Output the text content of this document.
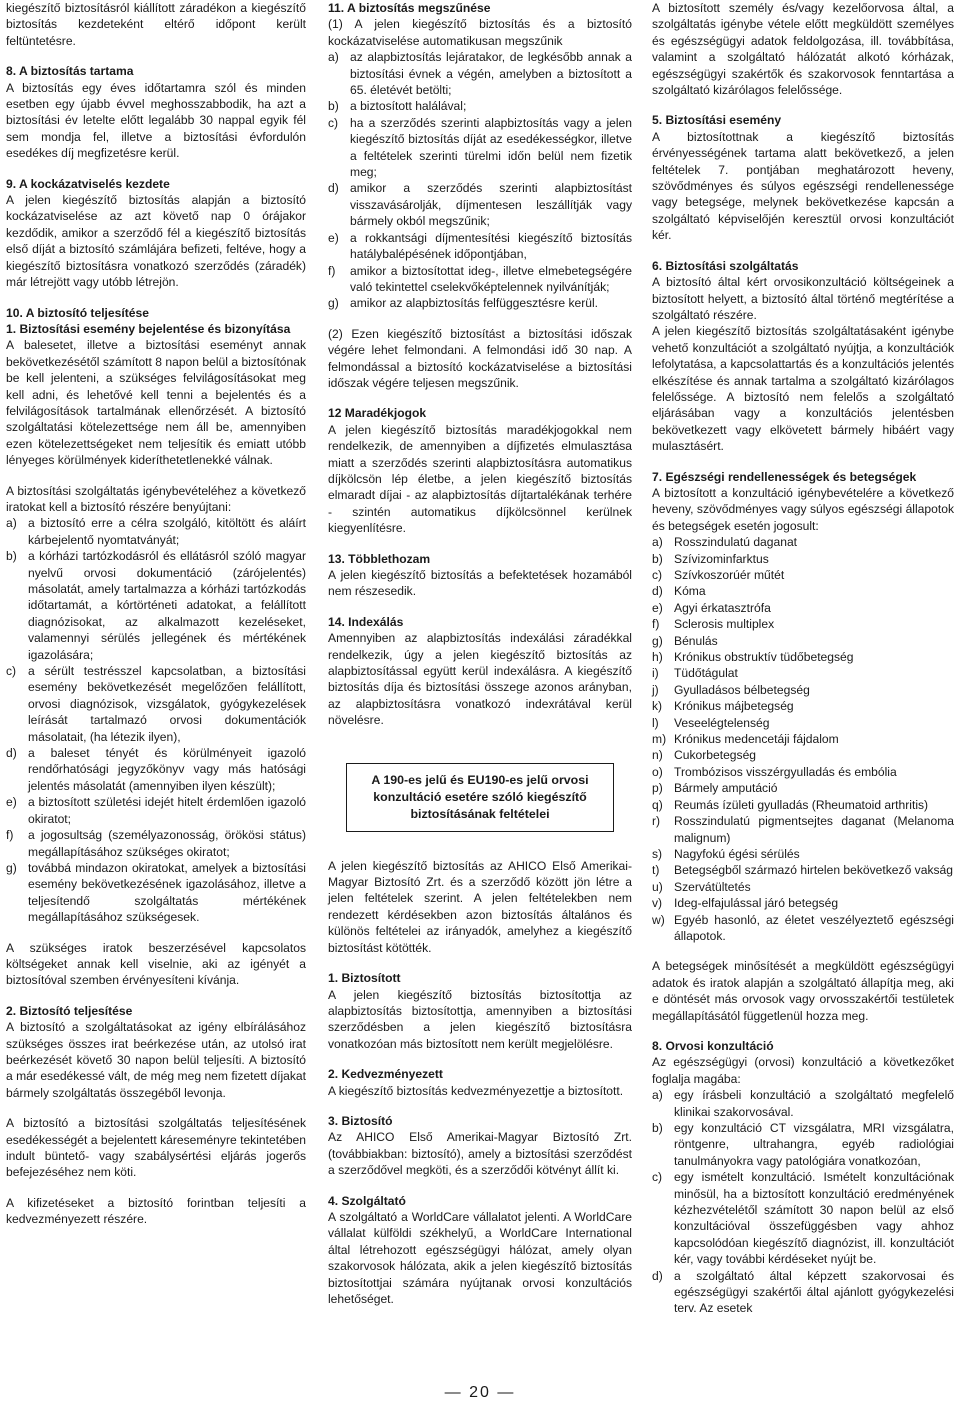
kiegészítő biztosításról kiállított záradékon a kiegészítő biztosítás kezdeteként eltérő időpont került feltüntetésre.

8. A biztosítás tartama

A biztosítás egy éves időtartamra szól és minden esetben egy újabb évvel meghosszabbodik, ha azt a biztosítási év letelte előtt legalább 30 nappal egyik fél sem mondja fel, illetve a biztosítási évfordulón esedékes díj megfizetésre kerül.

9. A kockázatviselés kezdete

A jelen kiegészítő biztosítás alapján a biztosító kockázatviselése az azt követő nap 0 órájakor kezdődik, amikor a szerződő fél a kiegészítő biztosítás első díját a biztosító számlájára befizeti, feltéve, hogy a kiegészítő biztosításra vonatkozó szerződés (záradék) már létrejött vagy utóbb létrejön.

10. A biztosító teljesítése
1. Biztosítási esemény bejelentése és bizonyítása

A balesetet, illetve a biztosítási eseményt annak bekövetkezésétől számított 8 napon belül a biztosítónak be kell jelenteni, a szükséges felvilágosításokat meg kell adni, és lehetővé kell tenni a bejelentés és a felvilágosítások tartalmának ellenőrzését. A biztosító szolgáltatási kötelezettsége nem áll be, amennyiben ezen kötelezettségeket nem teljesítik és emiatt utóbb lényeges körülmények kideríthetetlenekké válnak.

A biztosítási szolgáltatás igénybevételéhez a következő iratokat kell a biztosító részére benyújtani:

a) a biztosító erre a célra szolgáló, kitöltött és aláírt kárbejelentő nyomtatványát;
b) a kórházi tartózkodásról és ellátásról szóló magyar nyelvű orvosi dokumentáció (zárójelentés) másolatát, amely tartalmazza a kórházi tartózkodás időtartamát, a kórtörténeti adatokat, a felállított diagnózisokat, az alkalmazott kezeléseket, valamennyi sérülés jellegének és mértékének igazolására;
c) a sérült testrésszel kapcsolatban, a biztosítási esemény bekövetkezését megelőzően felállított, orvosi diagnózisok, vizsgálatok, gyógykezelések leírását tartalmazó orvosi dokumentációk másolatait, (ha létezik ilyen),
d) a baleset tényét és körülményeit igazoló rendőrhatósági jegyzőkönyv vagy más hatósági jelentés másolatát (amennyiben ilyen készült);
e) a biztosított születési idejét hitelt érdemlően igazoló okiratot;
f)	a jogosultság (személyazonosság, örökösi státus) megállapításához szükséges okiratot;
g) továbbá mindazon okiratokat, amelyek a biztosítási esemény bekövetkezésének igazolásához, illetve a teljesítendő szolgáltatás mértékének megállapításához szükségesek.

A szükséges iratok beszerzésével kapcsolatos költségeket annak kell viselnie, aki az igényét a biztosítóval szemben érvényesíteni kívánja.

2. Biztosító teljesítése

A biztosító a szolgáltatásokat az igény elbírálásához szükséges összes irat beérkezése után, az utolsó irat beérkezését követő 30 napon belül teljesíti. A biztosító a már esedékessé vált, de még meg nem fizetett díjakat bármely szolgáltatás összegéből levonja.

A biztosító a biztosítási szolgáltatás teljesítésének esedékességét a bejelentett káreseményre tekintetében indult büntető- vagy szabálysértési eljárás jogerős befejezéséhez nem köti.

A kifizetéseket a biztosító forintban teljesíti a kedvezményezett részére.

11. A biztosítás megszűnése

(1) A jelen kiegészítő biztosítás és a biztosító kockázatviselése automatikusan megszűnik

a) az alapbiztosítás lejáratakor, de legkésőbb annak a biztosítási évnek a végén, amelyben a biztosított a 65. életévét betölti;
b) a biztosított halálával;
c) ha a szerződés szerinti alapbiztosítás vagy a jelen kiegészítő biztosítás díját az esedékességkor, illetve a feltételek szerinti türelmi időn belül nem fizetik meg;
d) amikor a szerződés szerinti alapbiztosítást visszavásárolják, díjmentesen leszállítják vagy bármely okból megszűnik;
e) a rokkantsági díjmentesítési kiegészítő biztosítás hatálybalépésének időpontjában,
f)	amikor a biztosítottat ideg-, illetve elmebetegségére való tekintettel cselekvőképtelennek nyilvánítják;
g) amikor az alapbiztosítás felfüggesztésre kerül.

(2) Ezen kiegészítő biztosítást a biztosítási időszak végére lehet felmondani. A felmondási idő 30 nap. A felmondással a biztosító kockázatviselése a biztosítási időszak végére teljesen megszűnik.

12 Maradékjogok

A jelen kiegészítő biztosítás maradékjogokkal nem rendelkezik, de amennyiben a díjfizetés elmulasztása miatt a szerződés szerinti alapbiztosításra automatikus díjkölcsön lép életbe, a jelen kiegészítő biztosítás elmaradt díjai - az alapbiztosítás díjtartalékának terhére - szintén automatikus díjkölcsönnel kerülnek kiegyenlítésre.

13. Többlethozam

A jelen kiegészítő biztosítás a befektetések hozamából nem részesedik.

14. Indexálás

Amennyiben az alapbiztosítás indexálási záradékkal rendelkezik, úgy a jelen kiegészítő biztosítás az alapbiztosítással együtt kerül indexálásra. A kiegészítő biztosítás díja és biztosítási összege azonos arányban, az alapbiztosításra vonatkozó indexrátával kerül növelésre.

A 190-es jelű és EU190-es jelű orvosi konzultáció esetére szóló kiegészítő biztosításának feltételei

A jelen kiegészítő biztosítás az AHICO Első Amerikai-Magyar Biztosító Zrt. és a szerződő között jön létre a jelen feltételek szerint. A jelen feltételekben nem rendezett kérdésekben azon biztosítás általános és különös feltételei az irányadók, amelyhez a kiegészítő biztosítást kötötték.

1. Biztosított

A jelen kiegészítő biztosítás biztosítottja az alapbiztosítás biztosítottja, amennyiben a biztosítási szerződésben a jelen kiegészítő biztosításra vonatkozóan más biztosított nem került megjelölésre.

2. Kedvezményezett

A kiegészítő biztosítás kedvezményezettje a biztosított.

3. Biztosító

Az AHICO Első Amerikai-Magyar Biztosító Zrt. (továbbiakban: biztosító), amely a biztosítási szerződést a szerződővel megköti, és a szerződői kötvényt állít ki.

4. Szolgáltató

A szolgáltató a WorldCare vállalatot jelenti. A WorldCare vállalat külföldi székhelyű, a WorldCare International által létrehozott egészségügyi hálózat, amely olyan szakorvosok hálózata, akik a jelen kiegészítő biztosítás biztosítottjai számára nyújtanak orvosi konzultációs lehetőséget.

A biztosított személy és/vagy kezelőorvosa által, a szolgáltatás igénybe vétele előtt megküldött személyes és egészségügyi adatok feldolgozása, ill. továbbítása, valamint a szolgáltató hálózatát alkotó kórházak, egészségügyi szakértők és szakorvosok fenntartása a szolgáltató kizárólagos felelőssége.

5. Biztosítási esemény

A biztosítottnak a kiegészítő biztosítás érvényességének tartama alatt bekövetkező, a jelen feltételek 7. pontjában meghatározott heveny, szövődményes és súlyos egészségi rendellenessége vagy betegsége, melynek bekövetkezése kapcsán a szolgáltató képviselőjén keresztül orvosi konzultációt kér.

6. Biztosítási szolgáltatás

A biztosító által kért orvosikonzultáció költségeinek a biztosított helyett, a biztosító által történő megtérítése a szolgáltató részére.

A jelen kiegészítő biztosítás szolgáltatásaként igénybe vehető konzultációt a szolgáltató nyújtja, a konzultációk lefolytatása, a kapcsolattartás és a konzultációs jelentés elkészítése és annak tartalma a szolgáltató kizárólagos felelőssége. A biztosító nem felelős a szolgáltató eljárásában vagy a konzultációs jelentésben bekövetkezett vagy elkövetett bármely hibáért vagy mulasztásért.

7. Egészségi rendellenességek és betegségek

A biztosított a konzultáció igénybevételére a következő heveny, szövődményes vagy súlyos egészségi állapotok és betegségek esetén jogosult:

a) Rosszindulatú daganat
b) Szívizominfarktus
c) Szívkoszorúér műtét
d) Kóma
e) Agyi érkatasztrófa
f)	Sclerosis multiplex
g) Bénulás
h) Krónikus obstruktív tüdőbetegség
i)	Tüdőtágulat
j)	Gyulladásos bélbetegség
k) Krónikus májbetegség
l)	Veseelégtelenség
m) Krónikus medencetáji fájdalom
n) Cukorbetegség
o) Trombózisos visszérgyulladás és embólia
p) Bármely amputáció
q) Reumás ízületi gyulladás (Rheumatoid arthritis)
r)	Rosszindulatú pigmentsejtes daganat (Melanoma malignum)
s) Nagyfokú égési sérülés
t)	Betegségből származó hirtelen bekövetkező vakság
u) Szervátültetés
v) Ideg-elfajulással járó betegség
w) Egyéb hasonló, az életet veszélyeztető egészségi állapotok.

A betegségek minősítését a megküldött egészségügyi adatok és iratok alapján a szolgáltató állapítja meg, aki e döntését más orvosok vagy orvosszakértői testületek megállapításától függetlenül hozza meg.

8. Orvosi konzultáció

Az egészségügyi (orvosi) konzultáció a következőket foglalja magába:

a) egy írásbeli konzultáció a szolgáltató megfelelő klinikai szakorvosával.
b) egy konzultáció CT vizsgálatra, MRI vizsgálatra, röntgenre, ultrahangra, egyéb radiológiai tanulmányokra vagy patológiára vonatkozóan,
c) egy ismételt konzultáció. Ismételt konzultációnak minősül, ha a biztosított konzultáció eredményének kézhezvételétől számított 30 napon belül az első konzultációval összefüggésben vagy ahhoz kapcsolódóan kiegészítő diagnózist, ill. konzultációt kér, vagy további kérdéseket nyújt be.
d) a szolgáltató által képzett szakorvosai és egészségügyi szakértői által ajánlott gyógykezelési terv. Az esetek
— 20 —
